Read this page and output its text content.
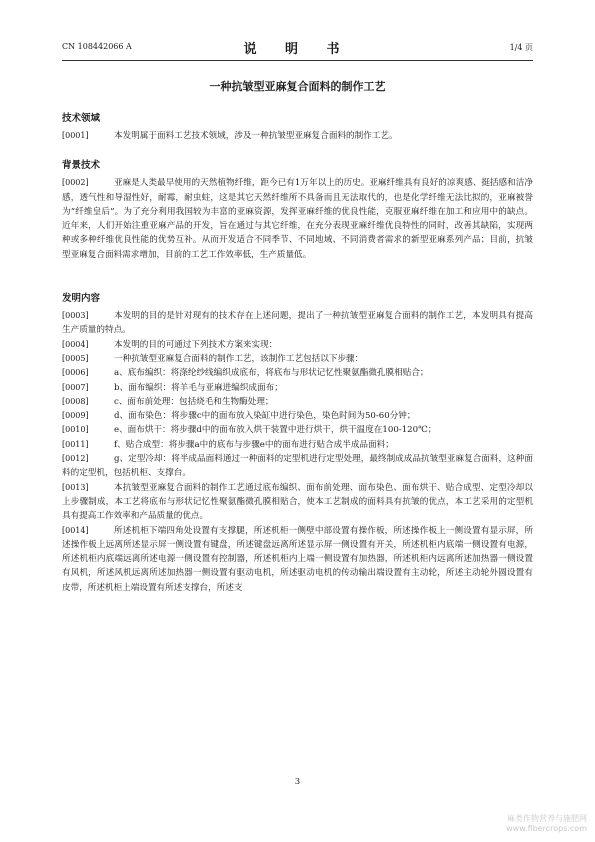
CN 108442066 A	说 明 书	1/4 页
一种抗皱型亚麻复合面料的制作工艺
技术领域
[0001]	本发明属于面料工艺技术领域，涉及一种抗皱型亚麻复合面料的制作工艺。
背景技术
[0002]	亚麻是人类最早使用的天然植物纤维，距今已有1万年以上的历史。亚麻纤维具有良好的凉爽感、挺括感和洁净感，透气性和导湿性好，耐霉，耐虫蛀，这是其它天然纤维所不具备而且无法取代的，也是化学纤维无法比拟的，亚麻被誉为“纤维皇后”。为了充分利用我国较为丰富的亚麻资源，发挥亚麻纤维的优良性能，克服亚麻纤维在加工和应用中的缺点。近年来，人们开始注重亚麻产品的开发，旨在通过与其它纤维，在充分表现亚麻纤维优良特性的同时，改善其缺陷，实现两种或多种纤维优良性能的优势互补。从而开发适合不同季节、不同地域、不同消费者需求的新型亚麻系列产品；目前，抗皱型亚麻复合面料需求增加，目前的工艺工作效率低，生产质量低。
发明内容
[0003]	本发明的目的是针对现有的技术存在上述问题，提出了一种抗皱型亚麻复合面料的制作工艺，本发明具有提高生产质量的特点。
[0004]	本发明的目的可通过下列技术方案来实现：
[0005]	一种抗皱型亚麻复合面料的制作工艺，该制作工艺包括以下步骤：
[0006]	a、底布编织：将涤纶纱线编织成底布，将底布与形状记忆性聚氨酯微孔膜相贴合；
[0007]	b、面布编织：将羊毛与亚麻进编织成面布；
[0008]	c、面布前处理：包括烧毛和生物酶处理；
[0009]	d、面布染色：将步骤c中的面布放入染缸中进行染色，染色时间为50-60分钟；
[0010]	e、面布烘干：将步骤d中的面布放入烘干装置中进行烘干，烘干温度在100-120℃；
[0011]	f、贴合成型：将步骤a中的底布与步骤e中的面布进行贴合成半成品面料；
[0012]	g、定型冷却：将半成品面料通过一种面料的定型机进行定型处理，最终制成成品抗皱型亚麻复合面料，这种面料的定型机，包括机柜、支撑台。
[0013]	本抗皱型亚麻复合面料的制作工艺通过底布编织、面布前处理、面布染色、面布烘干、贴合成型、定型冷却以上步骤制成，本工艺将底布与形状记忆性聚氨酯微孔膜相贴合，使本工艺制成的面料具有抗皱的优点，本工艺采用的定型机具有提高工作效率和产品质量的优点。
[0014]	所述机柜下端四角处设置有支撑腿，所述机柜一侧壁中部设置有操作板，所述操作板上一侧设置有显示屏，所述操作板上远离所述显示屏一侧设置有键盘，所述键盘远离所述显示屏一侧设置有开关，所述机柜内底端一侧设置有电源，所述机柜内底端远离所述电源一侧设置有控制器，所述机柜内上端一侧设置有加热器，所述机柜内远离所述加热器一侧设置有风机，所述风机远离所述加热器一侧设置有驱动电机，所述驱动电机的传动输出端设置有主动轮，所述主动轮外圆设置有皮带，所述机柜上端设置有所述支撑台，所述支
3
麻类作物营养与施肥网
www.fibercrops.com
